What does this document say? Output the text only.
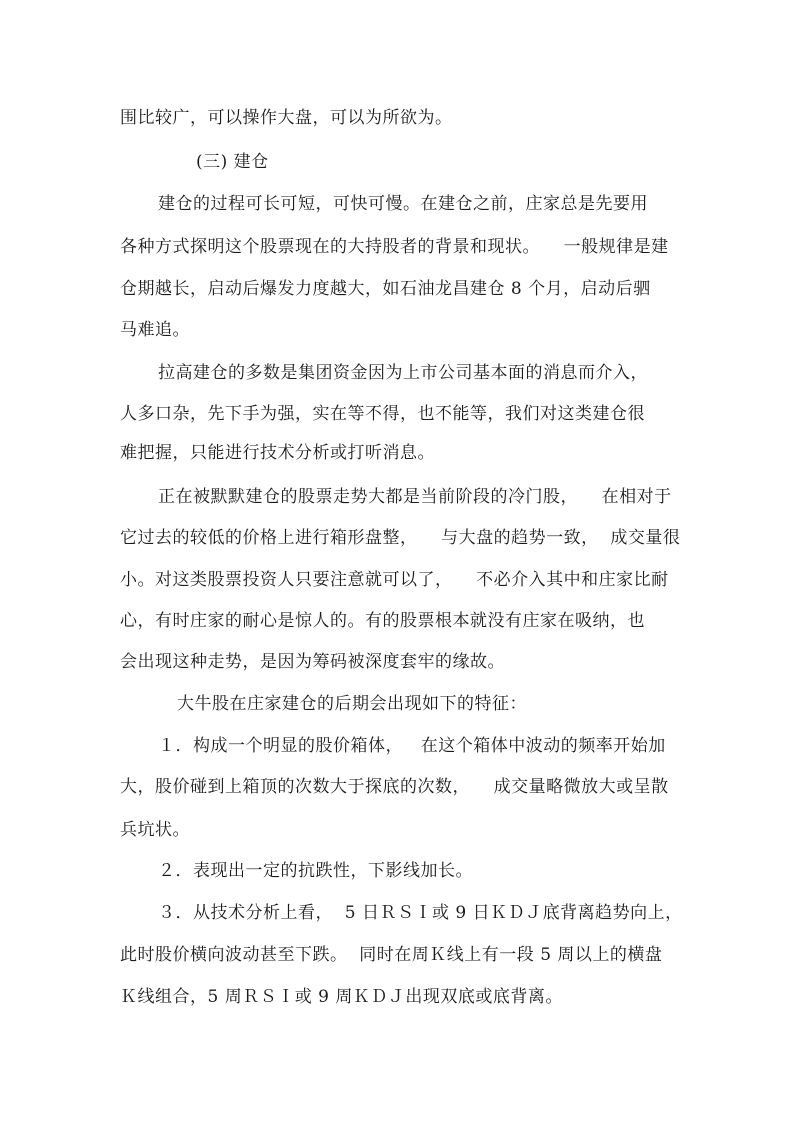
围比较广，可以操作大盘，可以为所欲为。
(三) 建仓
建仓的过程可长可短，可快可慢。在建仓之前，庄家总是先要用
各种方式探明这个股票现在的大持股者的背景和现状。    一般规律是建
仓期越长，启动后爆发力度越大，如石油龙昌建仓 8 个月，启动后驷
马难追。
拉高建仓的多数是集团资金因为上市公司基本面的消息而介入，
人多口杂，先下手为强，实在等不得，也不能等，我们对这类建仓很
难把握，只能进行技术分析或打听消息。
正在被默默建仓的股票走势大都是当前阶段的冷门股，    在相对于
它过去的较低的价格上进行箱形盘整，    与大盘的趋势一致，  成交量很
小。对这类股票投资人只要注意就可以了，    不必介入其中和庄家比耐
心，有时庄家的耐心是惊人的。有的股票根本就没有庄家在吸纳，也
会出现这种走势，是因为筹码被深度套牢的缘故。
大牛股在庄家建仓的后期会出现如下的特征：
１．构成一个明显的股价箱体，   在这个箱体中波动的频率开始加
大，股价碰到上箱顶的次数大于探底的次数，    成交量略微放大或呈散
兵坑状。
２．表现出一定的抗跌性，下影线加长。
３．从技术分析上看，  5 日ＲＳＩ或 9 日ＫＤＪ底背离趋势向上，
此时股价横向波动甚至下跌。  同时在周Ｋ线上有一段 5 周以上的横盘
Ｋ线组合，5 周ＲＳＩ或 9 周ＫＤＪ出现双底或底背离。
